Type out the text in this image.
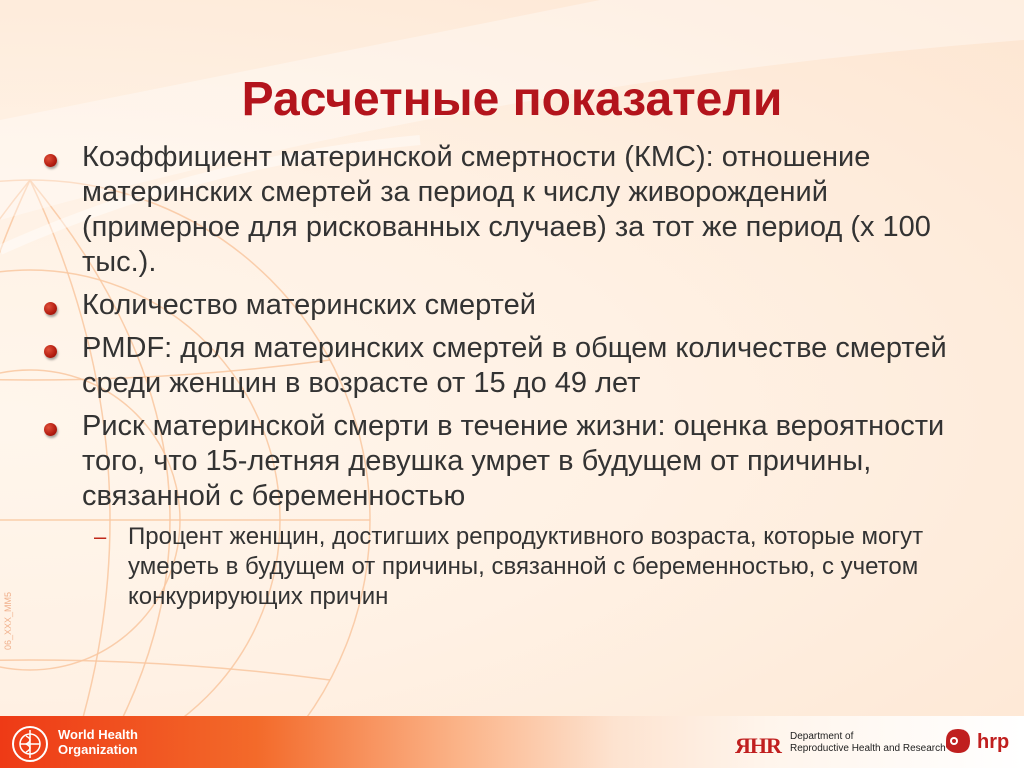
Расчетные показатели
Коэффициент материнской смертности (КМС): отношение материнских смертей за период к числу живорождений (примерное для рискованных случаев) за тот же период (х 100 тыс.).
Количество материнских смертей
PMDF: доля материнских смертей в общем количестве смертей среди женщин в возрасте от 15 до 49 лет
Риск материнской смерти в течение жизни: оценка вероятности того, что 15-летняя девушка умрет в будущем от причины, связанной с беременностью
– Процент женщин, достигших репродуктивного возраста, которые могут умереть в будущем от причины, связанной с беременностью, с учетом конкурирующих причин
06_XXX_MM5
World Health
Organization	ЯHR Department of
Reproductive Health and Research hrp
